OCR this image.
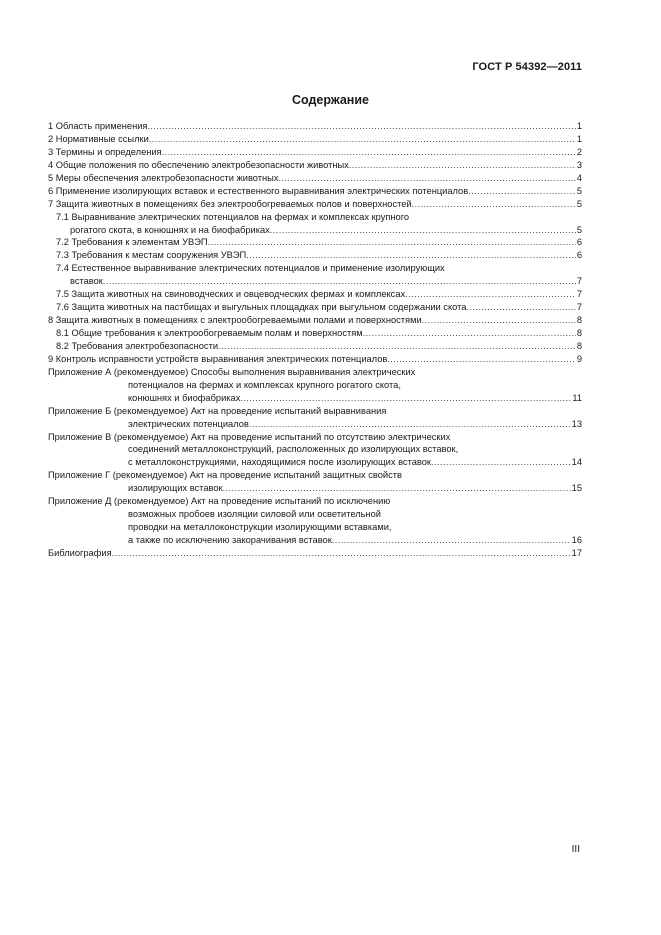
ГОСТ Р 54392—2011
Содержание
1 Область применения .....	1
2 Нормативные ссылки .....	1
3 Термины и определения .....	2
4 Общие положения по обеспечению электробезопасности животных .....	3
5 Меры обеспечения электробезопасности животных .....	4
6 Применение изолирующих вставок и естественного выравнивания электрических потенциалов .....	5
7 Защита животных в помещениях без электрообогреваемых полов и поверхностей .....	5
7.1 Выравнивание электрических потенциалов на фермах и комплексах крупного
рогатого скота, в конюшнях и на биофабриках .....	5
7.2 Требования к элементам УВЭП .....	6
7.3 Требования к местам сооружения УВЭП .....	6
7.4 Естественное выравнивание электрических потенциалов и применение изолирующих
вставок .....	7
7.5 Защита животных на свиноводческих и овцеводческих фермах и комплексах .....	7
7.6 Защита животных на пастбищах и выгульных площадках при выгульном содержании скота .....	7
8 Защита животных в помещениях с электрообогреваемыми полами и поверхностями .....	8
8.1 Общие требования к электрообогреваемым полам и поверхностям .....	8
8.2 Требования электробезопасности .....	8
9 Контроль исправности устройств выравнивания электрических потенциалов .....	9
Приложение А (рекомендуемое) Способы выполнения выравнивания электрических
потенциалов на фермах и комплексах крупного рогатого скота,
конюшнях и биофабриках .....	11
Приложение Б (рекомендуемое) Акт на проведение испытаний выравнивания
электрических потенциалов .....	13
Приложение В (рекомендуемое) Акт на проведение испытаний по отсутствию электрических
соединений металлоконструкций, расположенных до изолирующих вставок,
с металлоконструкциями, находящимися после изолирующих вставок .....	14
Приложение Г (рекомендуемое) Акт на проведение испытаний защитных свойств
изолирующих вставок .....	15
Приложение Д (рекомендуемое) Акт на проведение испытаний по исключению
возможных пробоев изоляции силовой или осветительной
проводки на металлоконструкции изолирующими вставками,
а также по исключению закорачивания вставок .....	16
Библиография .....	17
III
